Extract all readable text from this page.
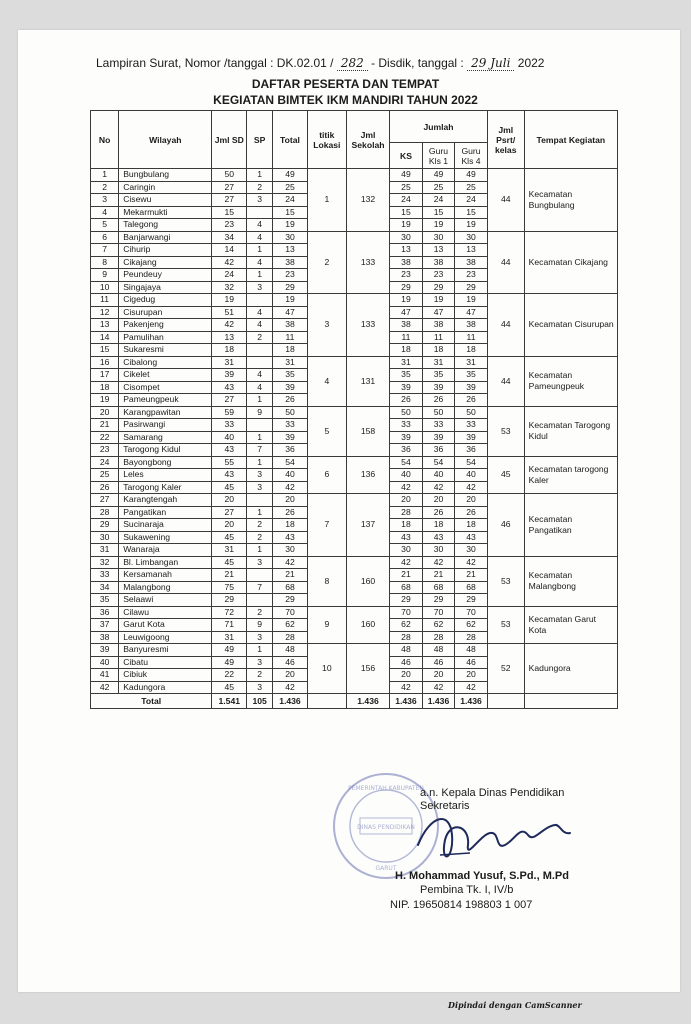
Lampiran Surat, Nomor /tanggal : DK.02.01 / 282 - Disdik, tanggal : 29 Juli 2022
DAFTAR PESERTA DAN TEMPAT
KEGIATAN BIMTEK IKM MANDIRI TAHUN 2022
No	Wilayah	Jml SD	SP	Total	titik Lokasi	Jml Sekolah	Jumlah			Jml Psrt/ kelas	Tempat Kegiatan
							KS	Guru Kls 1	Guru Kls 4		
1	Bungbulang	50	1	49	1	132	49	49	49	44	Kecamatan Bungbulang
2	Caringin	27	2	25			25	25	25		
3	Cisewu	27	3	24			24	24	24		
4	Mekarmukti	15		15			15	15	15		
5	Talegong	23	4	19			19	19	19		
6	Banjarwangi	34	4	30	2	133	30	30	30	44	Kecamatan Cikajang
7	Cihurip	14	1	13			13	13	13		
8	Cikajang	42	4	38			38	38	38		
9	Peundeuy	24	1	23			23	23	23		
10	Singajaya	32	3	29			29	29	29		
11	Cigedug	19		19	3	133	19	19	19	44	Kecamatan Cisurupan
12	Cisurupan	51	4	47			47	47	47		
13	Pakenjeng	42	4	38			38	38	38		
14	Pamulihan	13	2	11			11	11	11		
15	Sukaresmi	18		18			18	18	18		
16	Cibalong	31		31	4	131	31	31	31	44	Kecamatan Pameungpeuk
17	Cikelet	39	4	35			35	35	35		
18	Cisompet	43	4	39			39	39	39		
19	Pameungpeuk	27	1	26			26	26	26		
20	Karangpawitan	59	9	50	5	158	50	50	50	53	Kecamatan Tarogong Kidul
21	Pasirwangi	33		33			33	33	33		
22	Samarang	40	1	39			39	39	39		
23	Tarogong Kidul	43	7	36			36	36	36		
24	Bayongbong	55	1	54	6	136	54	54	54	45	Kecamatan tarogong Kaler
25	Leles	43	3	40			40	40	40		
26	Tarogong Kaler	45	3	42			42	42	42		
27	Karangtengah	20		20	7	137	20	20	20	46	Kecamatan Pangatikan
28	Pangatikan	27	1	26			28	26	26		
29	Sucinaraja	20	2	18			18	18	18		
30	Sukawening	45	2	43			43	43	43		
31	Wanaraja	31	1	30			30	30	30		
32	Bl. Limbangan	45	3	42	8	160	42	42	42	53	Kecamatan Malangbong
33	Kersamanah	21		21			21	21	21		
34	Malangbong	75	7	68			68	68	68		
35	Selaawi	29		29			29	29	29		
36	Cilawu	72	2	70	9	160	70	70	70	53	Kecamatan Garut Kota
37	Garut Kota	71	9	62			62	62	62		
38	Leuwigoong	31	3	28			28	28	28		
39	Banyuresmi	49	1	48	10	156	48	48	48	52	Kadungora
40	Cibatu	49	3	46			46	46	46		
41	Cibiuk	22	2	20			20	20	20		
42	Kadungora	45	3	42			42	42	42		
Total		1.541	105	1.436		1.436	1.436	1.436	1.436		
PEMERINTAH KABUPATEN
DINAS PENDIDIKAN
GARUT
a.n. Kepala Dinas Pendidikan
Sekretaris
H. Mohammad Yusuf, S.Pd., M.Pd
Pembina Tk. I, IV/b
NIP. 19650814 198803 1 007
Dipindai dengan CamScanner
